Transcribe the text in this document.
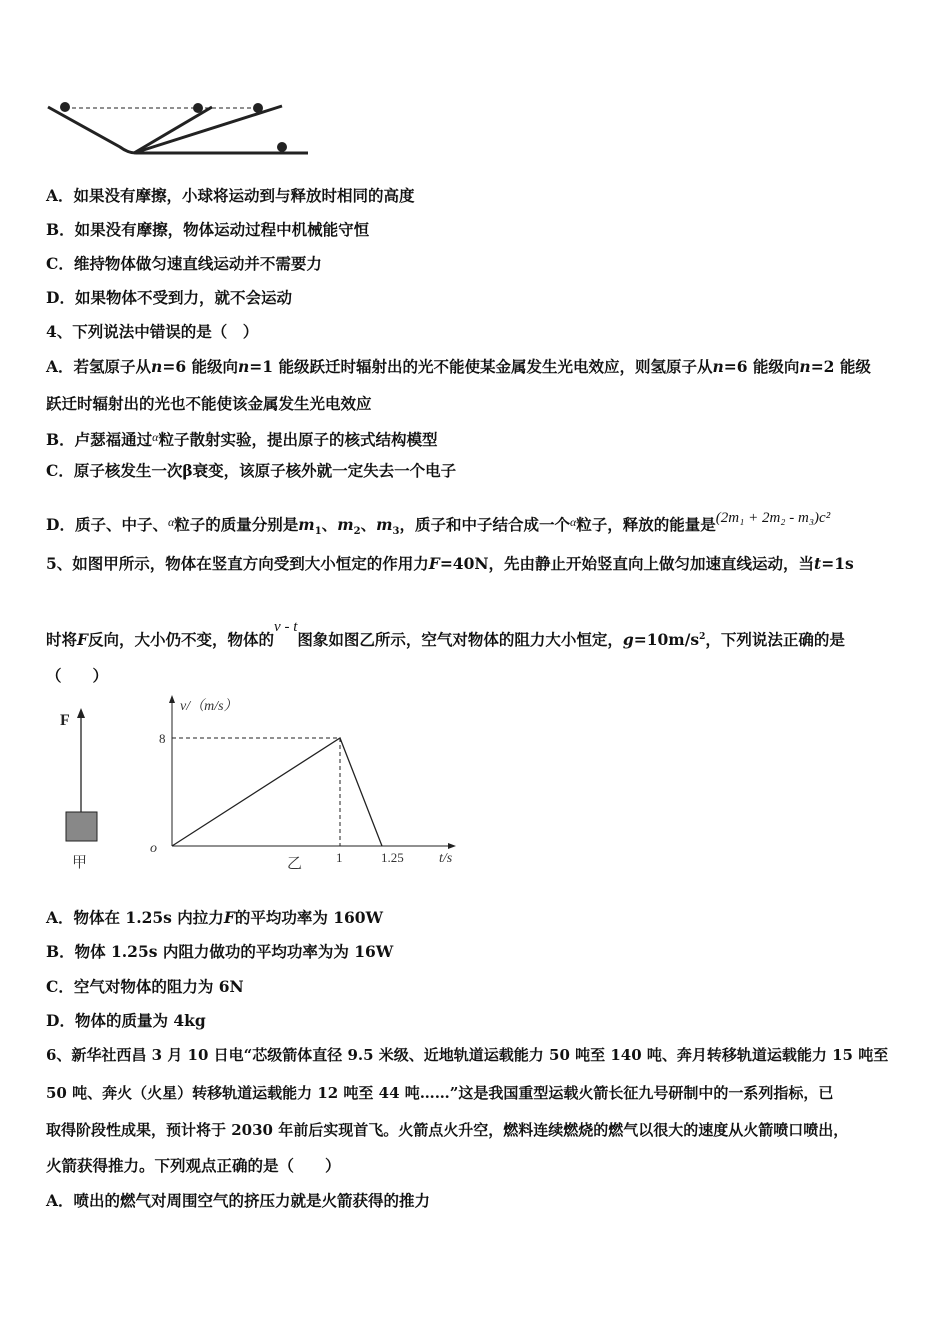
A．如果没有摩擦，小球将运动到与释放时相同的高度
B．如果没有摩擦，物体运动过程中机械能守恒
C．维持物体做匀速直线运动并不需要力
D．如果物体不受到力，就不会运动
4、下列说法中错误的是（　）
A．若氢原子从n=6 能级向n=1 能级跃迁时辐射出的光不能使某金属发生光电效应，则氢原子从n=6 能级向n=2 能级
跃迁时辐射出的光也不能使该金属发生光电效应
B．卢瑟福通过$^\alpha$粒子散射实验，提出原子的核式结构模型
C．原子核发生一次β衰变，该原子核外就一定失去一个电子
D．质子、中子、$^\alpha$粒子的质量分别是$m_1$、$m_2$、$m_3$，质子和中子结合成一个$^\alpha$粒子，释放的能量是(2m₁ + 2m₂ - m₃)c²
5、如图甲所示，物体在竖直方向受到大小恒定的作用力F=40N，先由静止开始竖直向上做匀加速直线运动，当t=1s
时将F反向，大小仍不变，物体的v - t图象如图乙所示，空气对物体的阻力大小恒定，$g=10m/s^2$，下列说法正确的是
（　　）
F
甲
v/（m/s）
t/s
o
8
1	1.25
乙
A．物体在 1.25s 内拉力F的平均功率为 160W
B．物体 1.25s 内阻力做功的平均功率为为 16W
C．空气对物体的阻力为 6N
D．物体的质量为 4kg
6、新华社西昌 3 月 10 日电“芯级箭体直径 9.5 米级、近地轨道运载能力 50 吨至 140 吨、奔月转移轨道运载能力 15 吨至
50 吨、奔火（火星）转移轨道运载能力 12 吨至 44 吨……”这是我国重型运载火箭长征九号研制中的一系列指标，已
取得阶段性成果，预计将于 2030 年前后实现首飞。火箭点火升空，燃料连续燃烧的燃气以很大的速度从火箭喷口喷出，
火箭获得推力。下列观点正确的是（　　）
A．喷出的燃气对周围空气的挤压力就是火箭获得的推力
